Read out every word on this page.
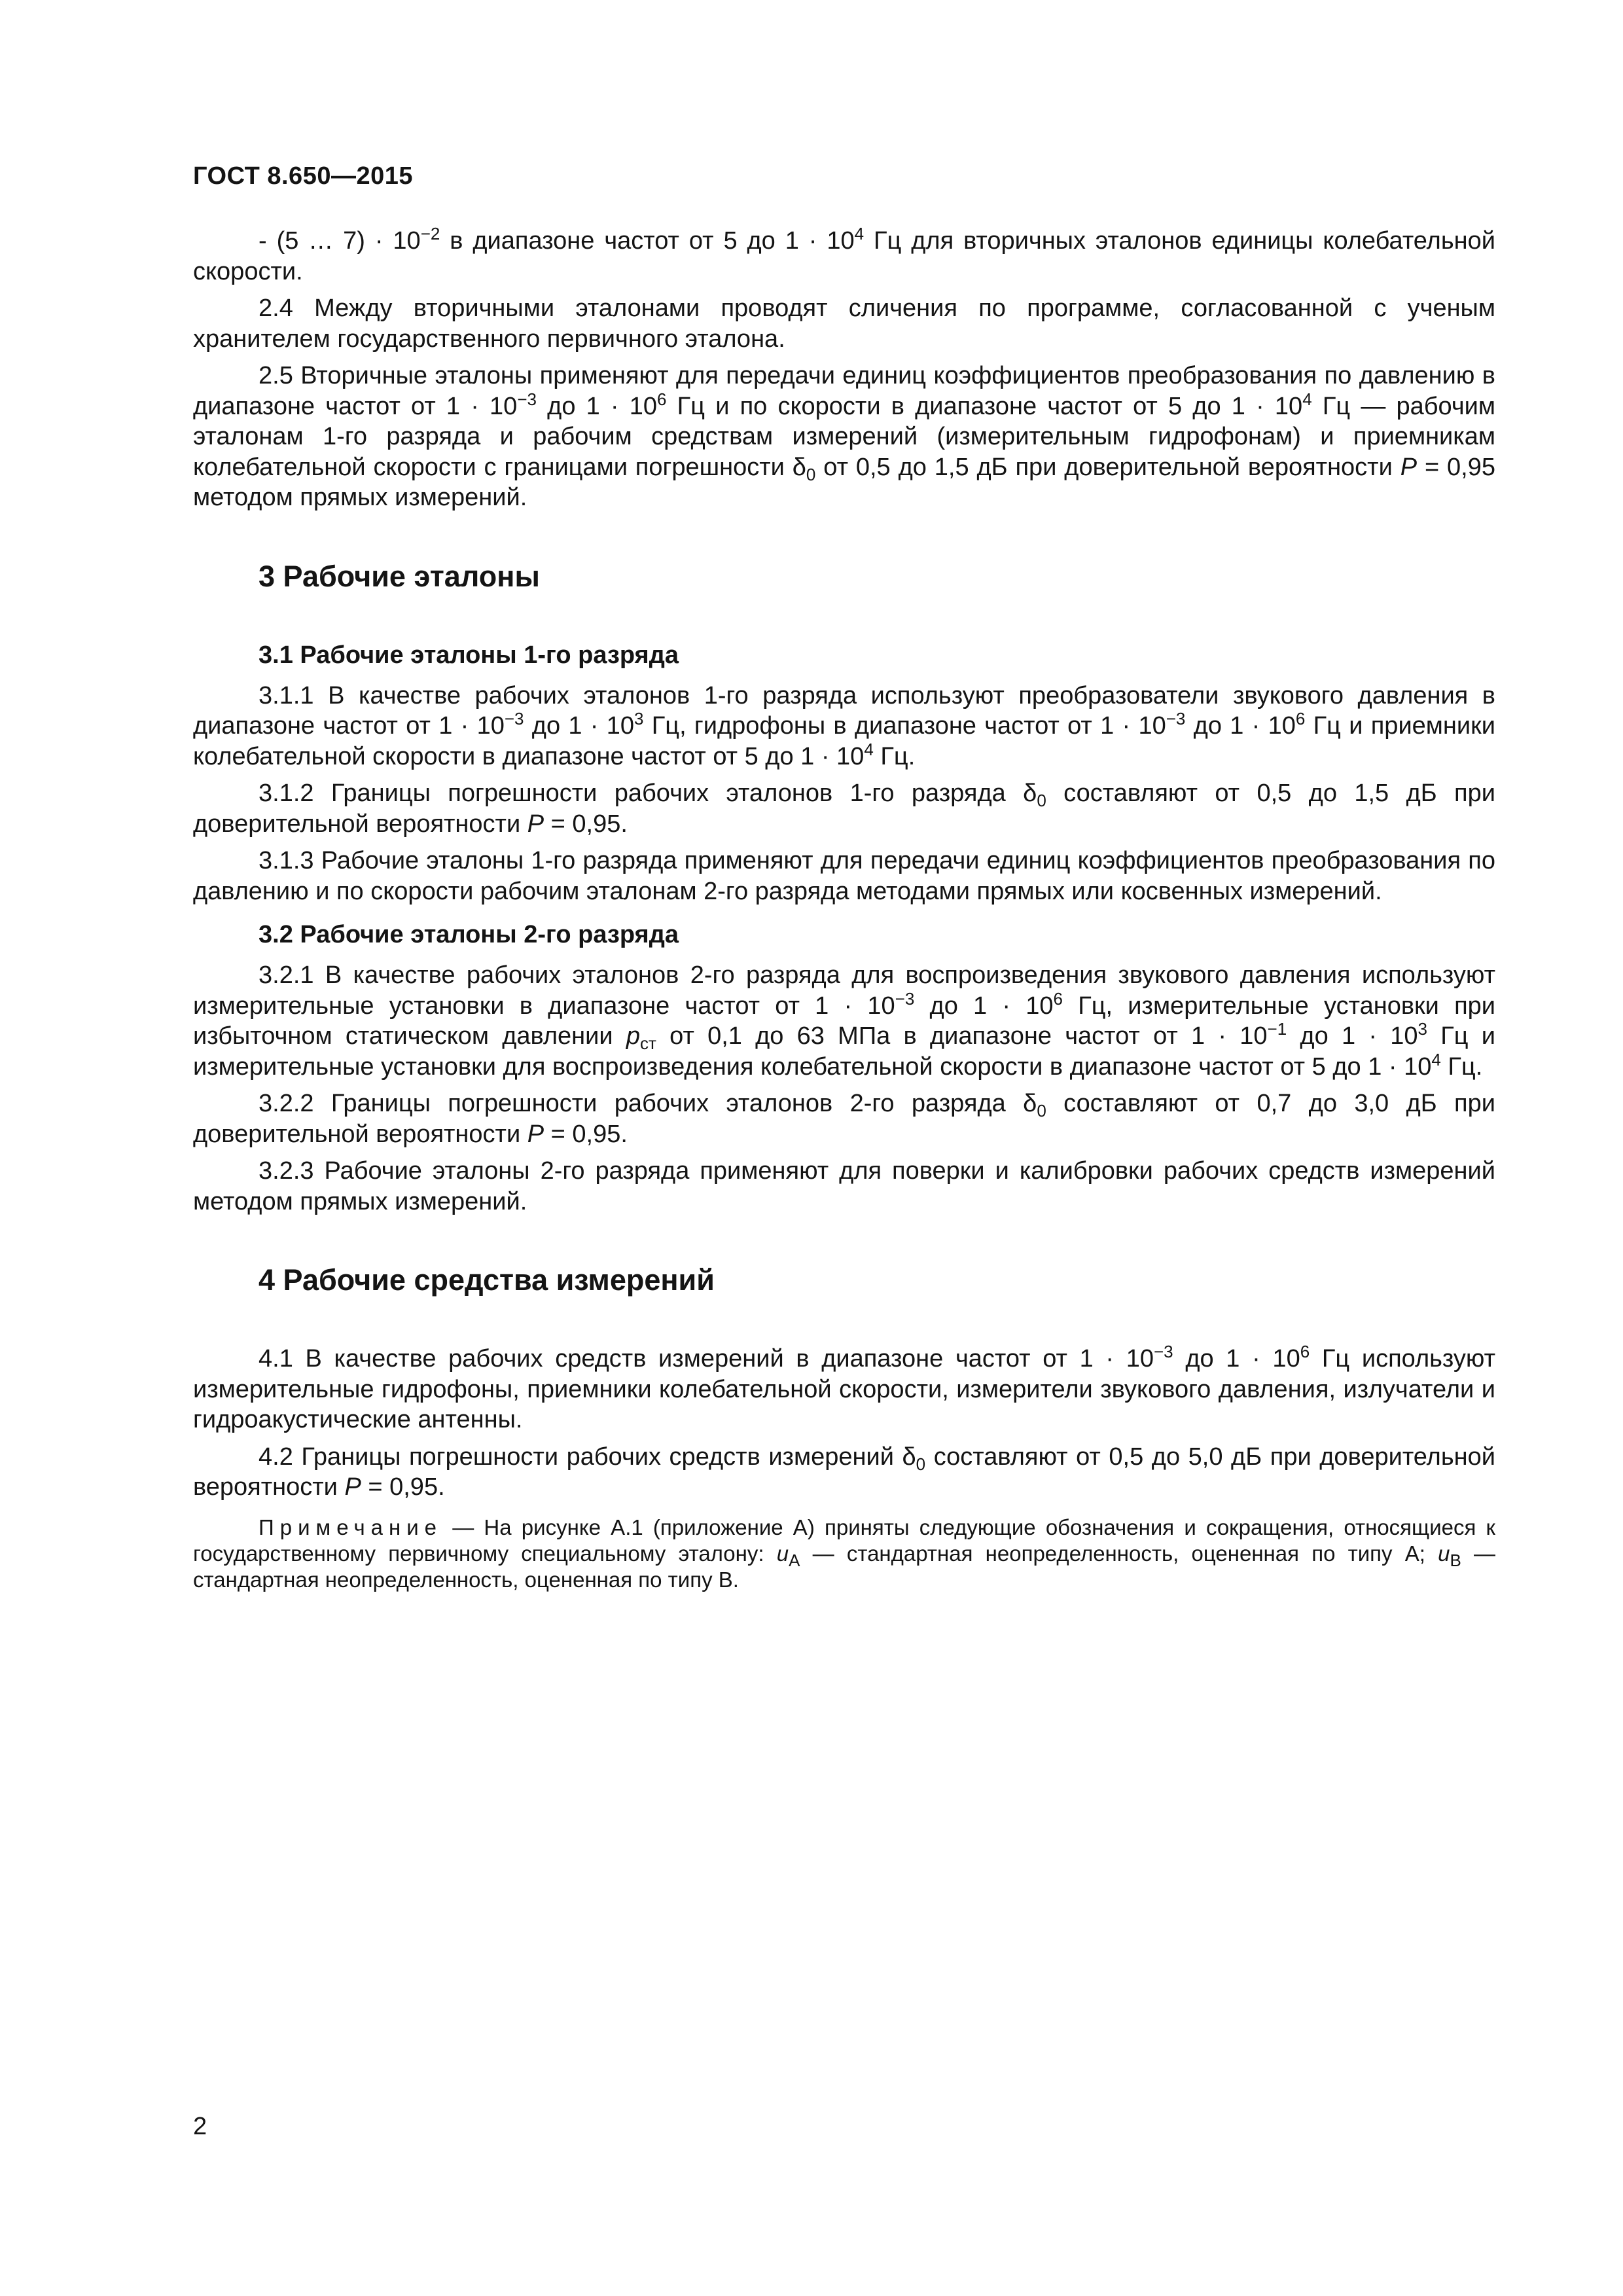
ГОСТ 8.650—2015

- (5 … $7) \cdot 10^{-2}$ в диапазоне частот от 5 до $1 \cdot 10^4$ Гц для вторичных эталонов единицы колебательной скорости.

2.4 Между вторичными эталонами проводят сличения по программе, согласованной с ученым хранителем государственного первичного эталона.

2.5 Вторичные эталоны применяют для передачи единиц коэффициентов преобразования по давлению в диапазоне частот от $1 \cdot 10^{-3}$ до $1 \cdot 10^6$ Гц и по скорости в диапазоне частот от 5 до $1 \cdot 10^4$ Гц — рабочим эталонам 1-го разряда и рабочим средствам измерений (измерительным гидрофонам) и приемникам колебательной скорости с границами погрешности $\delta_0$ от 0,5 до 1,5 дБ при доверительной вероятности P = 0,95 методом прямых измерений.

3 Рабочие эталоны
3.1 Рабочие эталоны 1-го разряда

3.1.1 В качестве рабочих эталонов 1-го разряда используют преобразователи звукового давления в диапазоне частот от $1 \cdot 10^{-3}$ до $1 \cdot 10^3$ Гц, гидрофоны в диапазоне частот от $1 \cdot 10^{-3}$ до $1 \cdot 10^6$ Гц и приемники колебательной скорости в диапазоне частот от 5 до $1 \cdot 10^4$ Гц.

3.1.2 Границы погрешности рабочих эталонов 1-го разряда $\delta_0$ составляют от 0,5 до 1,5 дБ при доверительной вероятности P = 0,95.

3.1.3 Рабочие эталоны 1-го разряда применяют для передачи единиц коэффициентов преобразования по давлению и по скорости рабочим эталонам 2-го разряда методами прямых или косвенных измерений.

3.2 Рабочие эталоны 2-го разряда

3.2.1 В качестве рабочих эталонов 2-го разряда для воспроизведения звукового давления используют измерительные установки в диапазоне частот от $1 \cdot 10^{-3}$ до $1 \cdot 10^6$ Гц, измерительные установки при избыточном статическом давлении $p_{ст}$ от 0,1 до 63 МПа в диапазоне частот от $1 \cdot 10^{-1}$ до $1 \cdot 10^3$ Гц и измерительные установки для воспроизведения колебательной скорости в диапазоне частот от 5 до $1 \cdot 10^4$ Гц.

3.2.2 Границы погрешности рабочих эталонов 2-го разряда $\delta_0$ составляют от 0,7 до 3,0 дБ при доверительной вероятности P = 0,95.

3.2.3 Рабочие эталоны 2-го разряда применяют для поверки и калибровки рабочих средств измерений методом прямых измерений.

4 Рабочие средства измерений

4.1 В качестве рабочих средств измерений в диапазоне частот от $1 \cdot 10^{-3}$ до $1 \cdot 10^6$ Гц используют измерительные гидрофоны, приемники колебательной скорости, измерители звукового давления, излучатели и гидроакустические антенны.

4.2 Границы погрешности рабочих средств измерений $\delta_0$ составляют от 0,5 до 5,0 дБ при доверительной вероятности P = 0,95.

Примечание — На рисунке А.1 (приложение А) приняты следующие обозначения и сокращения, относящиеся к государственному первичному специальному эталону: $u_A$ — стандартная неопределенность, оцененная по типу А; $u_B$ — стандартная неопределенность, оцененная по типу В.
2
